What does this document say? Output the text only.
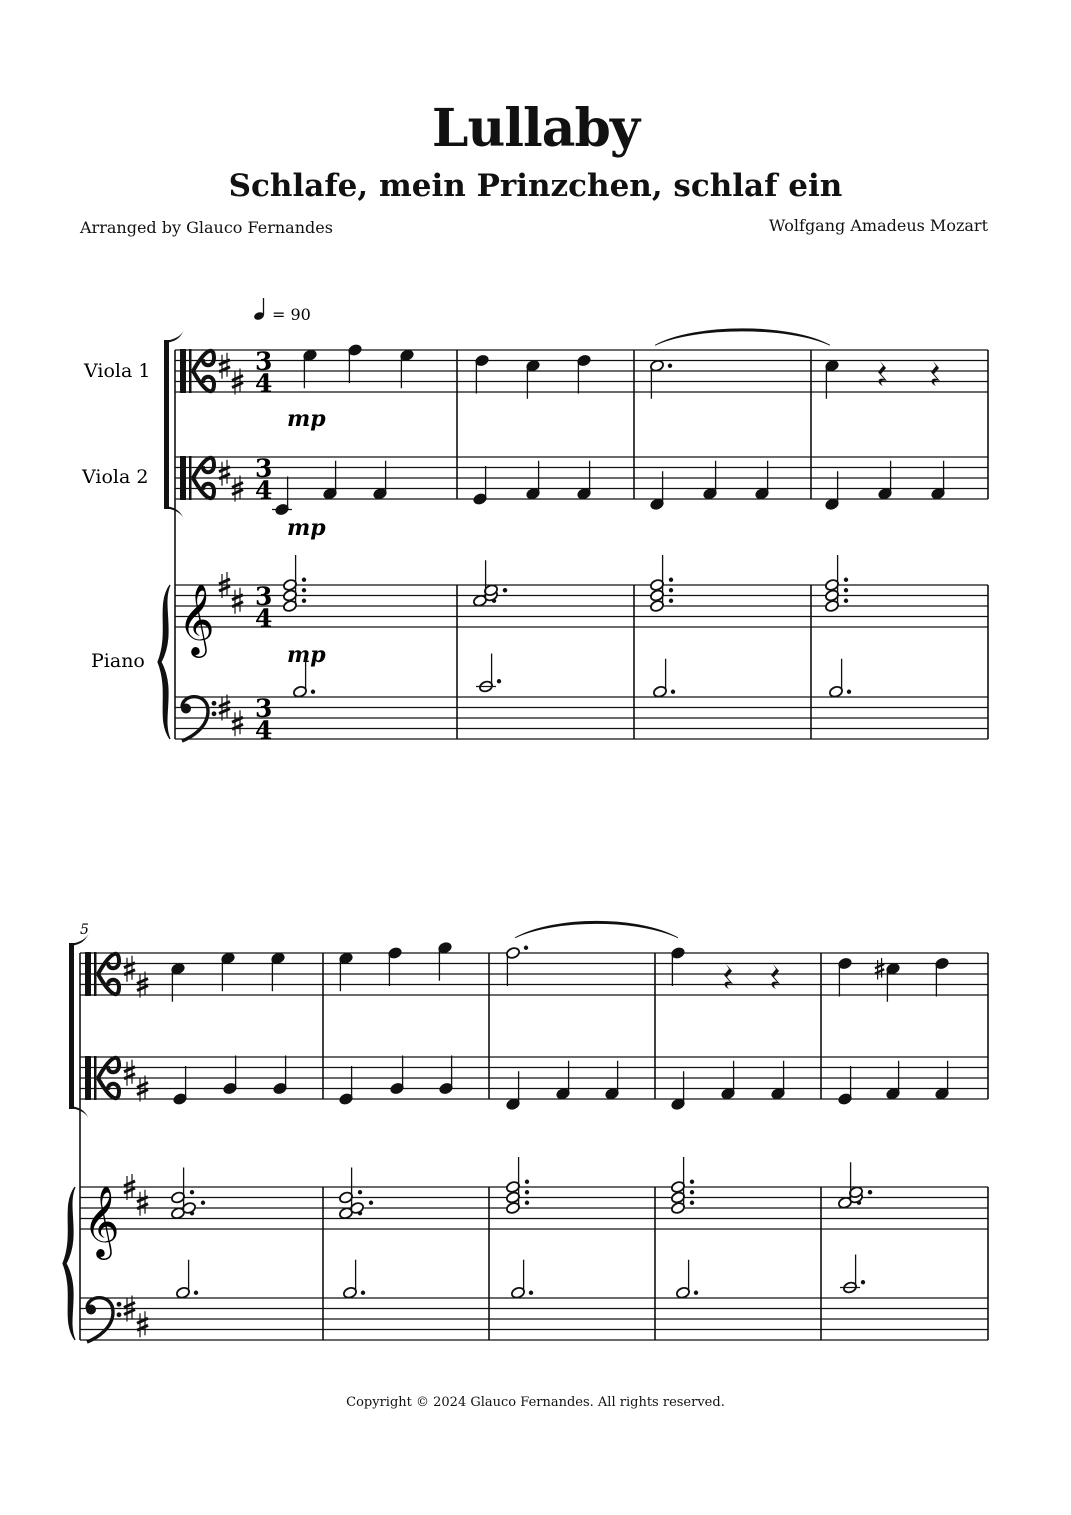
Lullaby
Schlafe, mein Prinzchen, schlaf ein
Arranged by Glauco Fernandes	Wolfgang Amadeus Mozart
Copyright © 2024 Glauco Fernandes. All rights reserved.
= 90
Viola 1
Viola 2
Piano
𝄞
3
4
3
4
3
4
3
4
mp
mp
mp
5
𝄞
